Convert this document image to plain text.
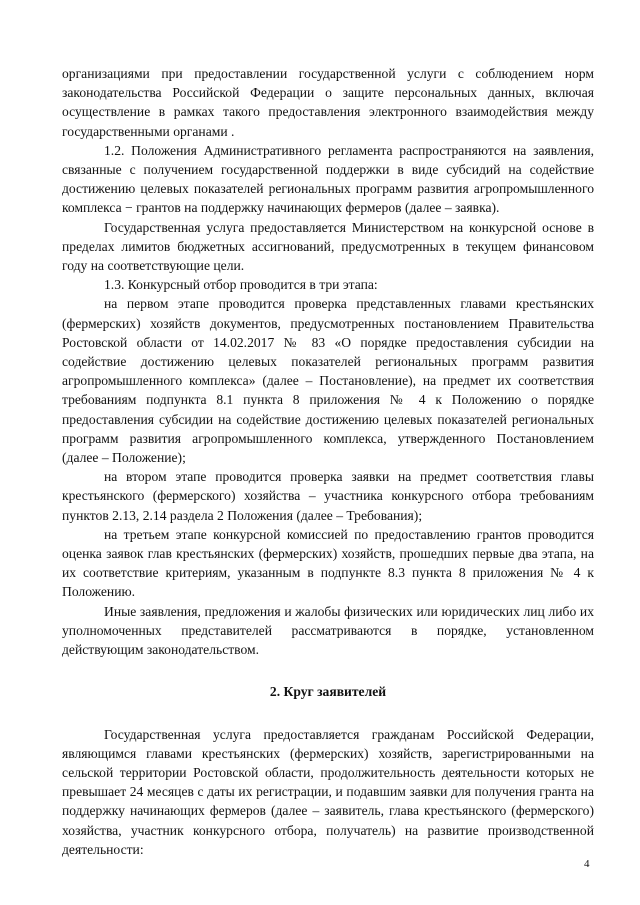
организациями при предоставлении государственной услуги с соблюдением норм законодательства Российской Федерации о защите персональных данных, включая осуществление в рамках такого предоставления электронного взаимодействия между государственными органами .

1.2. Положения Административного регламента распространяются на заявления, связанные с получением государственной поддержки в виде субсидий на содействие достижению целевых показателей региональных программ развития агропромышленного комплекса − грантов на поддержку начинающих фермеров (далее – заявка).

Государственная услуга предоставляется Министерством на конкурсной основе в пределах лимитов бюджетных ассигнований, предусмотренных в текущем финансовом году на соответствующие цели.

1.3. Конкурсный отбор проводится в три этапа:

на первом этапе проводится проверка представленных главами крестьянских (фермерских) хозяйств документов, предусмотренных постановлением Правительства Ростовской области от 14.02.2017 № 83 «О порядке предоставления субсидии на содействие достижению целевых показателей региональных программ развития агропромышленного комплекса» (далее – Постановление), на предмет их соответствия требованиям подпункта 8.1 пункта 8 приложения № 4 к Положению о порядке предоставления субсидии на содействие достижению целевых показателей региональных программ развития агропромышленного комплекса, утвержденного Постановлением (далее – Положение);

на втором этапе проводится проверка заявки на предмет соответствия главы крестьянского (фермерского) хозяйства – участника конкурсного отбора требованиям пунктов 2.13, 2.14 раздела 2 Положения (далее – Требования);

на третьем этапе конкурсной комиссией по предоставлению грантов проводится оценка заявок глав крестьянских (фермерских) хозяйств, прошедших первые два этапа, на их соответствие критериям, указанным в подпункте 8.3 пункта 8 приложения № 4 к Положению.

Иные заявления, предложения и жалобы физических или юридических лиц либо их уполномоченных представителей рассматриваются в порядке, установленном действующим законодательством.

2. Круг заявителей

Государственная услуга предоставляется гражданам Российской Федерации, являющимся главами крестьянских (фермерских) хозяйств, зарегистрированными на сельской территории Ростовской области, продолжительность деятельности которых не превышает 24 месяцев с даты их регистрации, и подавшим заявки для получения гранта на поддержку начинающих фермеров (далее – заявитель, глава крестьянского (фермерского) хозяйства, участник конкурсного отбора, получатель) на развитие производственной деятельности:

4
